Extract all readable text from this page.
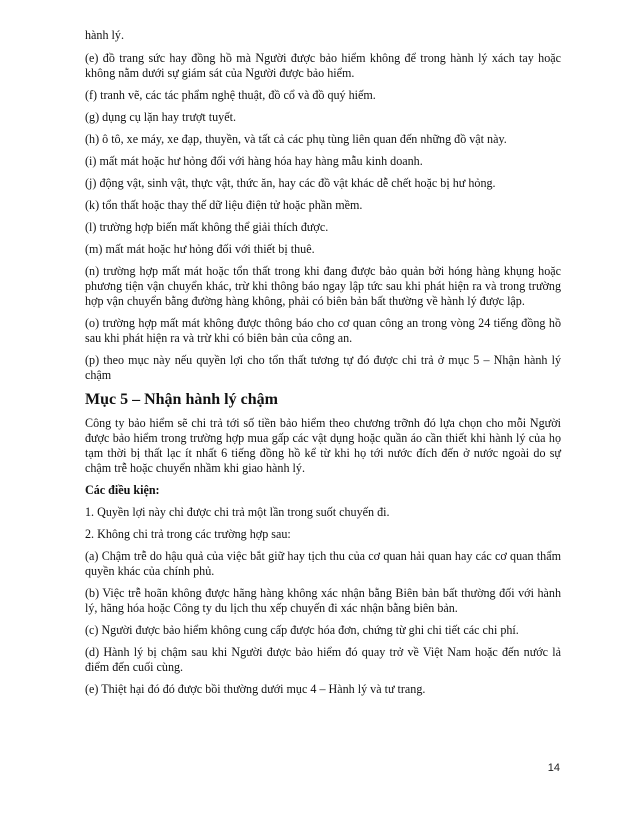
hành lý.

(e) đồ trang sức hay đồng hồ mà Người được bảo hiểm không để trong hành lý xách tay hoặc không nằm dưới sự giám sát của Người được bảo hiểm.

(f) tranh vẽ, các tác phẩm nghệ thuật, đồ cổ và đồ quý hiếm.

(g) dụng cụ lặn hay trượt tuyết.

(h) ô tô, xe máy, xe đạp, thuyền, và tất cả các phụ tùng liên quan đến những đồ vật này.

(i) mất mát hoặc hư hỏng đối với hàng hóa hay hàng mẫu kinh doanh.

(j) động vật, sinh vật, thực vật, thức ăn, hay các đồ vật khác dễ chết hoặc bị hư hỏng.

(k) tổn thất hoặc thay thế dữ liệu điện tử hoặc phần mềm.

(l) trường hợp biến mất không thể giải thích được.

(m) mất mát hoặc hư hỏng đối với thiết bị thuê.

(n) trường hợp mất mát hoặc tổn thất trong khi đang được bảo quản bởi hóng hàng khụng hoặc phương tiện vận chuyển khác, trừ khi thông báo ngay lập tức sau khi phát hiện ra và trong trường hợp vận chuyển bằng đường hàng không, phải có biên bản bất thường về hành lý được lập.

(o) trường hợp mất mát không được thông báo cho cơ quan công an trong vòng 24 tiếng đồng hồ sau khi phát hiện ra và trừ khi có biên bản của công an.

(p) theo mục này nếu quyền lợi cho tổn thất tương tự đó được chi trả ở mục 5 – Nhận hành lý chậm

Mục 5 – Nhận hành lý chậm

Công ty bảo hiểm sẽ chi trả tới số tiền bảo hiểm theo chương trỡnh đó lựa chọn cho mỗi Người được bảo hiểm trong trường hợp mua gấp các vật dụng hoặc quần áo cần thiết khi hành lý của họ tạm thời bị thất lạc ít nhất 6 tiếng đồng hồ kể từ khi họ tới nước đích đến ở nước ngoài do sự chậm trễ hoặc chuyển nhầm khi giao hành lý.

Các điều kiện:

1. Quyền lợi này chỉ được chi trả một lần trong suốt chuyến đi.

2. Không chi trả trong các trường hợp sau:

(a) Chậm trễ do hậu quả của việc bắt giữ hay tịch thu của cơ quan hải quan hay các cơ quan thẩm quyền khác của chính phủ.

(b) Việc trễ hoãn không được hãng hàng không xác nhận bằng Biên bản bất thường đối với hành lý, hãng hóa hoặc Công ty du lịch thu xếp chuyến đi xác nhận bằng biên bản.

(c) Người được bảo hiểm không cung cấp được hóa đơn, chứng từ ghi chi tiết các chi phí.

(d) Hành lý bị chậm sau khi Người được bảo hiểm đó quay trở về Việt Nam hoặc đến nước lả điểm đến cuối cùng.

(e) Thiệt hại đó đó được bồi thường dưới mục 4 – Hành lý và tư trang.

14
